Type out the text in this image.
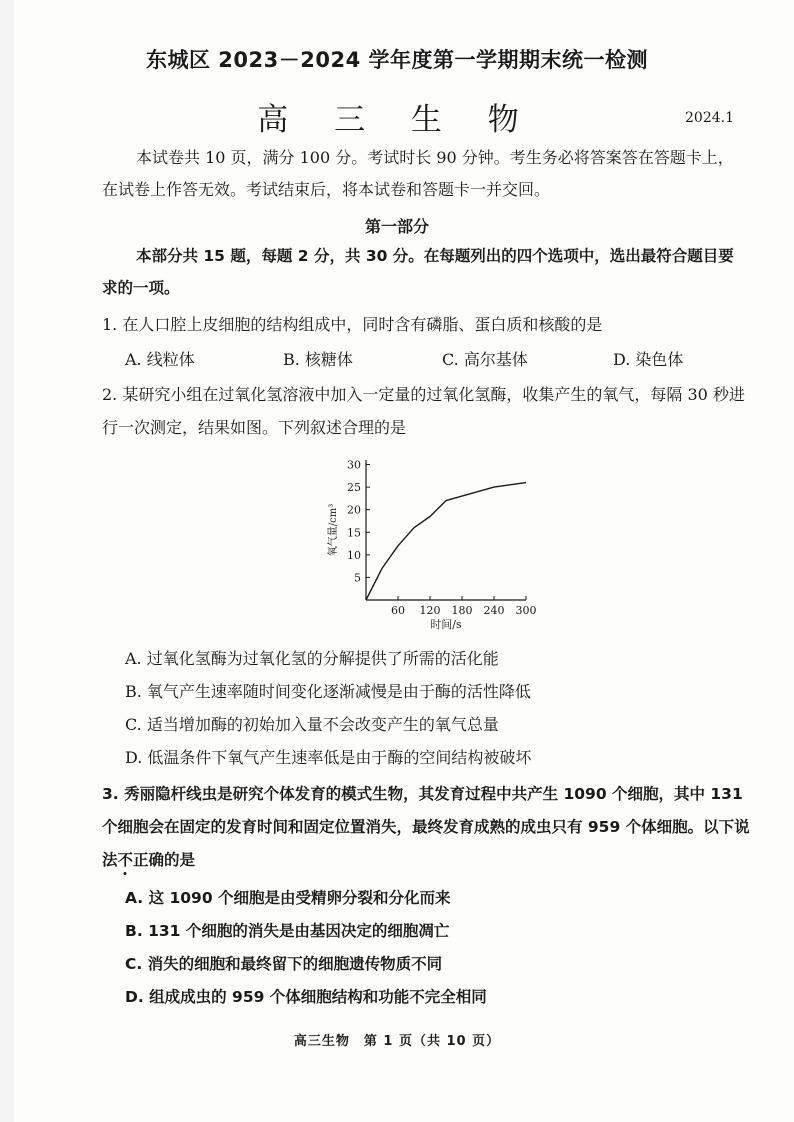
东城区 2023－2024 学年度第一学期期末统一检测
高 三 生 物	2024.1
本试卷共 10 页，满分 100 分。考试时长 90 分钟。考生务必将答案答在答题卡上，在试卷上作答无效。考试结束后，将本试卷和答题卡一并交回。
第一部分
本部分共 15 题，每题 2 分，共 30 分。在每题列出的四个选项中，选出最符合题目要求的一项。
1. 在人口腔上皮细胞的结构组成中，同时含有磷脂、蛋白质和核酸的是
A. 线粒体	B. 核糖体	C. 高尔基体	D. 染色体
2. 某研究小组在过氧化氢溶液中加入一定量的过氧化氢酶，收集产生的氧气，每隔 30 秒进行一次测定，结果如图。下列叙述合理的是
5
10
15
20
25
30
60 120 180 240 300
时间/s
氧气量/cm³
A. 过氧化氢酶为过氧化氢的分解提供了所需的活化能
B. 氧气产生速率随时间变化逐渐减慢是由于酶的活性降低
C. 适当增加酶的初始加入量不会改变产生的氧气总量
D. 低温条件下氧气产生速率低是由于酶的空间结构被破坏
3. 秀丽隐杆线虫是研究个体发育的模式生物，其发育过程中共产生 1090 个细胞，其中 131 个细胞会在固定的发育时间和固定位置消失，最终发育成熟的成虫只有 959 个体细胞。以下说法不正确的是
A. 这 1090 个细胞是由受精卵分裂和分化而来
B. 131 个细胞的消失是由基因决定的细胞凋亡
C. 消失的细胞和最终留下的细胞遗传物质不同
D. 组成成虫的 959 个体细胞结构和功能不完全相同
高三生物　第 1 页（共 10 页）
